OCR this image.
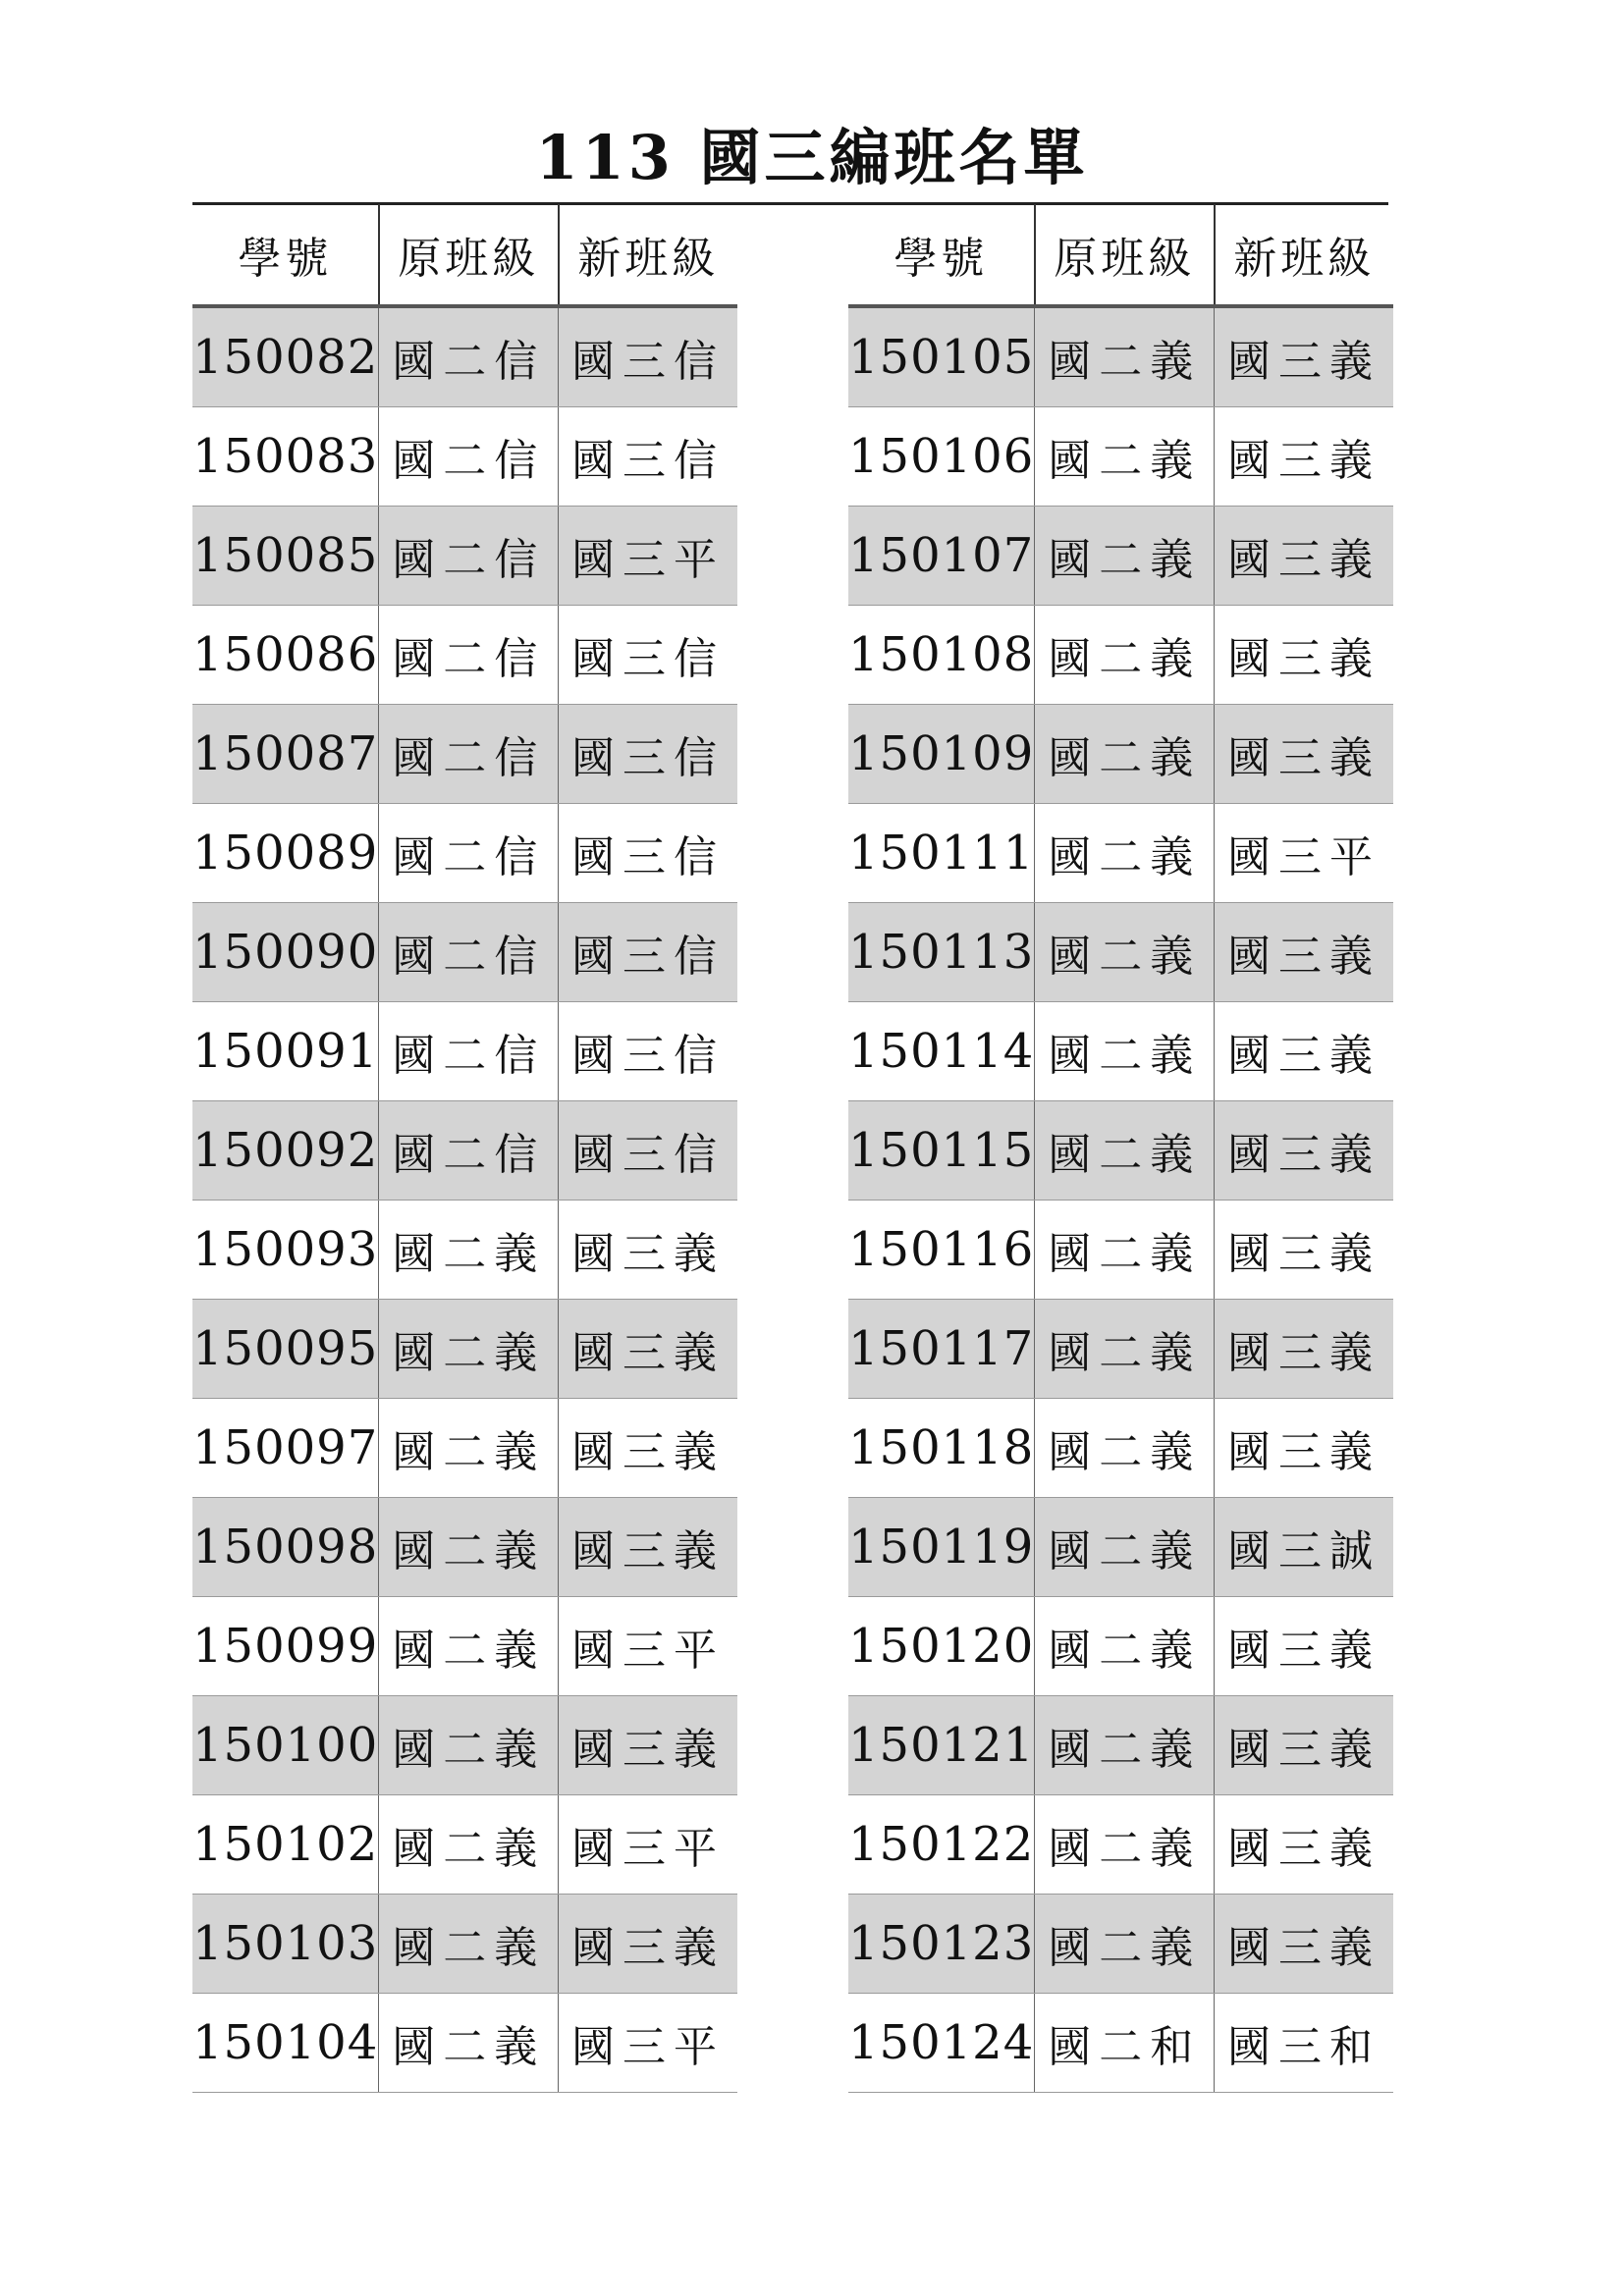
113 國三編班名單
學號	原班級	新班級
150082	國二信	國三信
150083	國二信	國三信
150085	國二信	國三平
150086	國二信	國三信
150087	國二信	國三信
150089	國二信	國三信
150090	國二信	國三信
150091	國二信	國三信
150092	國二信	國三信
150093	國二義	國三義
150095	國二義	國三義
150097	國二義	國三義
150098	國二義	國三義
150099	國二義	國三平
150100	國二義	國三義
150102	國二義	國三平
150103	國二義	國三義
150104	國二義	國三平
學號	原班級	新班級
150105	國二義	國三義
150106	國二義	國三義
150107	國二義	國三義
150108	國二義	國三義
150109	國二義	國三義
150111	國二義	國三平
150113	國二義	國三義
150114	國二義	國三義
150115	國二義	國三義
150116	國二義	國三義
150117	國二義	國三義
150118	國二義	國三義
150119	國二義	國三誠
150120	國二義	國三義
150121	國二義	國三義
150122	國二義	國三義
150123	國二義	國三義
150124	國二和	國三和
